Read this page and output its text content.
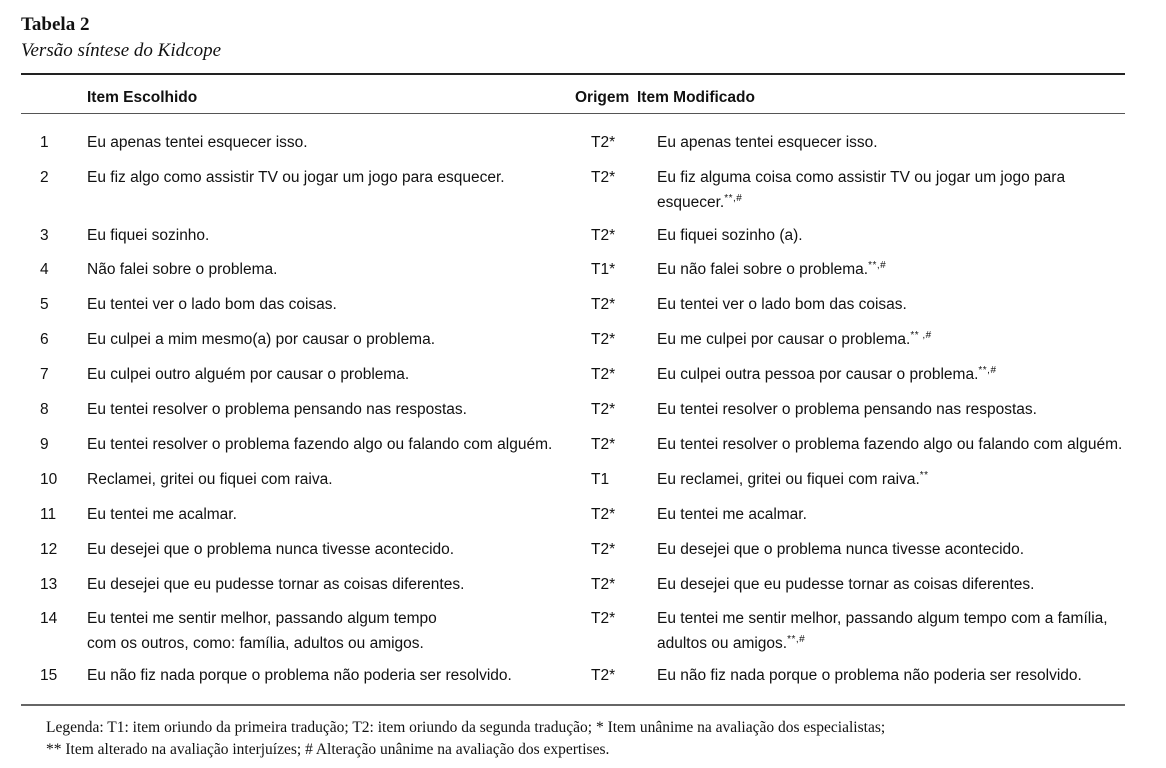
Tabela 2
Versão síntese do Kidcope
Item Escolhido	Origem Item Modificado
1	Eu apenas tentei esquecer isso.	T2*	Eu apenas tentei esquecer isso.
2	Eu fiz algo como assistir TV ou jogar um jogo para esquecer.	T2*	Eu fiz alguma coisa como assistir TV ou jogar um jogo para
esquecer.**,#
3	Eu fiquei sozinho.	T2*	Eu fiquei sozinho (a).
4	Não falei sobre o problema.	T1*	Eu não falei sobre o problema.**,#
5	Eu tentei ver o lado bom das coisas.	T2*	Eu tentei ver o lado bom das coisas.
6	Eu culpei a mim mesmo(a) por causar o problema.	T2*	Eu me culpei por causar o problema.** ,#
7	Eu culpei outro alguém por causar o problema.	T2*	Eu culpei outra pessoa por causar o problema.**,#
8	Eu tentei resolver o problema pensando nas respostas.	T2*	Eu tentei resolver o problema pensando nas respostas.
9	Eu tentei resolver o problema fazendo algo ou falando com alguém.	T2*	Eu tentei resolver o problema fazendo algo ou falando com alguém.
10	Reclamei, gritei ou fiquei com raiva.	T1	Eu reclamei, gritei ou fiquei com raiva.**
11	Eu tentei me acalmar.	T2*	Eu tentei me acalmar.
12	Eu desejei que o problema nunca tivesse acontecido.	T2*	Eu desejei que o problema nunca tivesse acontecido.
13	Eu desejei que eu pudesse tornar as coisas diferentes.	T2*	Eu desejei que eu pudesse tornar as coisas diferentes.
14	Eu tentei me sentir melhor, passando algum tempo
com os outros, como: família, adultos ou amigos.
T2*	Eu tentei me sentir melhor, passando algum tempo com a família,
adultos ou amigos.**,#
15	Eu não fiz nada porque o problema não poderia ser resolvido.	T2*	Eu não fiz nada porque o problema não poderia ser resolvido.
Legenda: T1: item oriundo da primeira tradução; T2: item oriundo da segunda tradução; * Item unânime na avaliação dos especialistas;
** Item alterado na avaliação interjuízes; # Alteração unânime na avaliação dos expertises.
